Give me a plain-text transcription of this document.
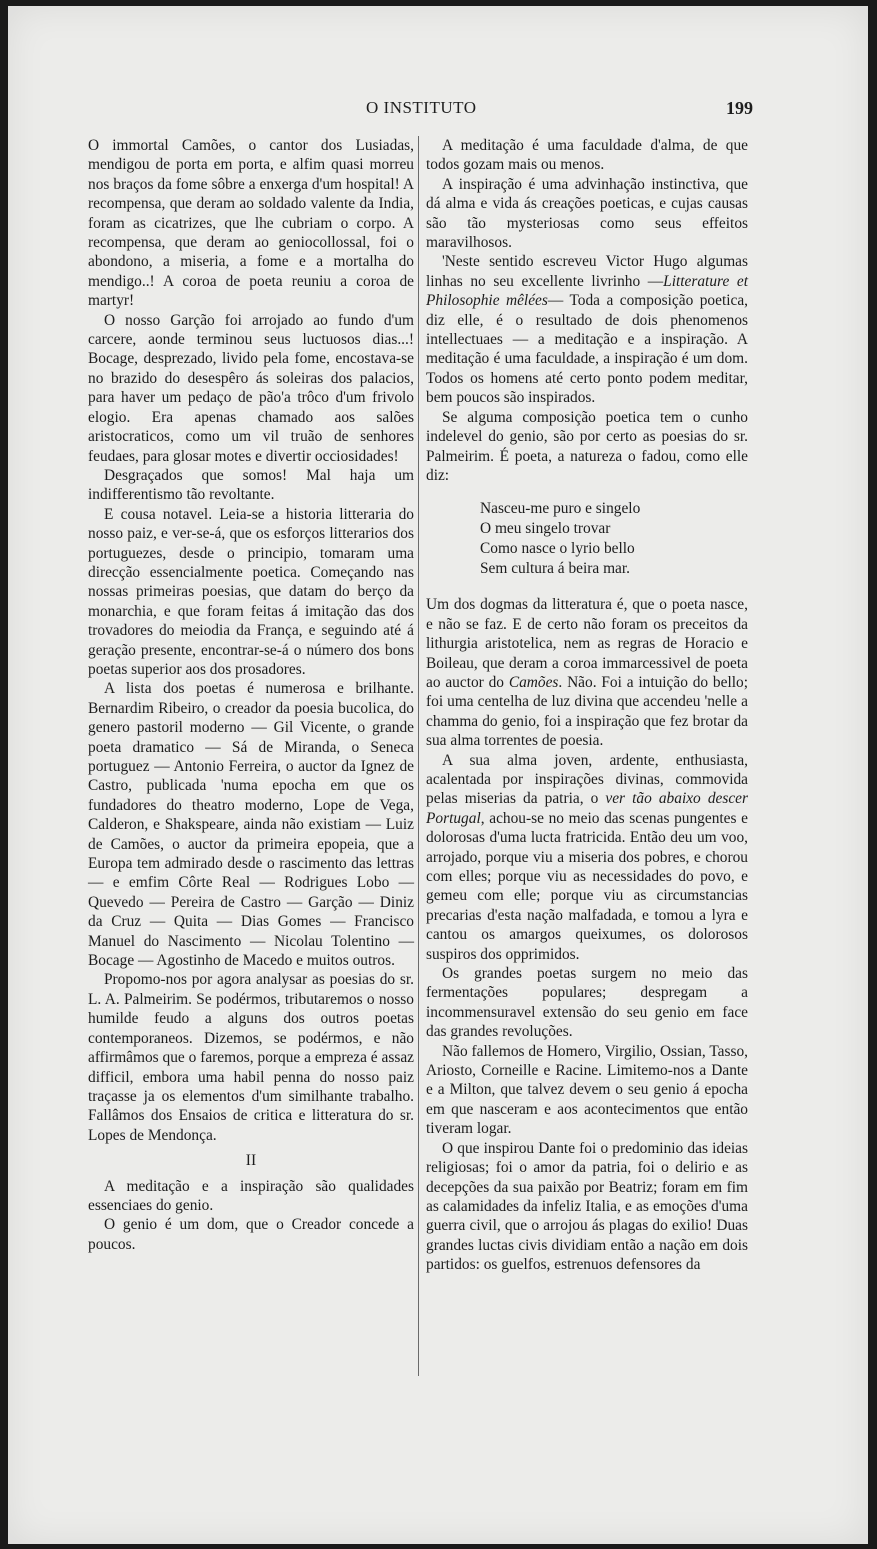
O INSTITUTO	199

O immortal Camões, o cantor dos Lusiadas, mendigou de porta em porta, e alfim quasi morreu nos braços da fome sôbre a enxerga d'um hospital! A recompensa, que deram ao soldado valente da India, foram as cicatrizes, que lhe cubriam o corpo. A recompensa, que deram ao geniocollossal, foi o abondono, a miseria, a fome e a mortalha do mendigo..! A coroa de poeta reuniu a coroa de martyr!

O nosso Garção foi arrojado ao fundo d'um carcere, aonde terminou seus luctuosos dias...! Bocage, desprezado, livido pela fome, encostava-se no brazido do desespêro ás soleiras dos palacios, para haver um pedaço de pão'a trôco d'um frivolo elogio. Era apenas chamado aos salões aristocraticos, como um vil truão de senhores feudaes, para glosar motes e divertir occiosidades!

Desgraçados que somos! Mal haja um indifferentismo tão revoltante.

E cousa notavel. Leia-se a historia litteraria do nosso paiz, e ver-se-á, que os esforços litterarios dos portuguezes, desde o principio, tomaram uma direcção essencialmente poetica. Começando nas nossas primeiras poesias, que datam do berço da monarchia, e que foram feitas á imitação das dos trovadores do meiodia da França, e seguindo até á geração presente, encontrar-se-á o número dos bons poetas superior aos dos prosadores.

A lista dos poetas é numerosa e brilhante. Bernardim Ribeiro, o creador da poesia bucolica, do genero pastoril moderno — Gil Vicente, o grande poeta dramatico — Sá de Miranda, o Seneca portuguez — Antonio Ferreira, o auctor da Ignez de Castro, publicada 'numa epocha em que os fundadores do theatro moderno, Lope de Vega, Calderon, e Shakspeare, ainda não existiam — Luiz de Camões, o auctor da primeira epopeia, que a Europa tem admirado desde o rascimento das lettras — e emfim Côrte Real — Rodrigues Lobo — Quevedo — Pereira de Castro — Garção — Diniz da Cruz — Quita — Dias Gomes — Francisco Manuel do Nascimento — Nicolau Tolentino — Bocage — Agostinho de Macedo e muitos outros.

Propomo-nos por agora analysar as poesias do sr. L. A. Palmeirim. Se podérmos, tributaremos o nosso humilde feudo a alguns dos outros poetas contemporaneos. Dizemos, se podérmos, e não affirmâmos que o faremos, porque a empreza é assaz difficil, embora uma habil penna do nosso paiz traçasse ja os elementos d'um similhante trabalho. Fallâmos dos Ensaios de critica e litteratura do sr. Lopes de Mendonça.

II

A meditação e a inspiração são qualidades essenciaes do genio.

O genio é um dom, que o Creador concede a poucos.

A meditação é uma faculdade d'alma, de que todos gozam mais ou menos.

A inspiração é uma advinhação instinctiva, que dá alma e vida ás creações poeticas, e cujas causas são tão mysteriosas como seus effeitos maravilhosos.

'Neste sentido escreveu Victor Hugo algumas linhas no seu excellente livrinho —Litterature et Philosophie mêlées— Toda a composição poetica, diz elle, é o resultado de dois phenomenos intellectuaes — a meditação e a inspiração. A meditação é uma faculdade, a inspiração é um dom. Todos os homens até certo ponto podem meditar, bem poucos são inspirados.

Se alguma composição poetica tem o cunho indelevel do genio, são por certo as poesias do sr. Palmeirim. É poeta, a natureza o fadou, como elle diz:

Nasceu-me puro e singelo
O meu singelo trovar
Como nasce o lyrio bello
Sem cultura á beira mar.

Um dos dogmas da litteratura é, que o poeta nasce, e não se faz. E de certo não foram os preceitos da lithurgia aristotelica, nem as regras de Horacio e Boileau, que deram a coroa immarcessivel de poeta ao auctor do Camões. Não. Foi a intuição do bello; foi uma centelha de luz divina que accendeu 'nelle a chamma do genio, foi a inspiração que fez brotar da sua alma torrentes de poesia.

A sua alma joven, ardente, enthusiasta, acalentada por inspirações divinas, commovida pelas miserias da patria, o ver tão abaixo descer Portugal, achou-se no meio das scenas pungentes e dolorosas d'uma lucta fratricida. Então deu um voo, arrojado, porque viu a miseria dos pobres, e chorou com elles; porque viu as necessidades do povo, e gemeu com elle; porque viu as circumstancias precarias d'esta nação malfadada, e tomou a lyra e cantou os amargos queixumes, os dolorosos suspiros dos opprimidos.

Os grandes poetas surgem no meio das fermentações populares; despregam a incommensuravel extensão do seu genio em face das grandes revoluções.

Não fallemos de Homero, Virgilio, Ossian, Tasso, Ariosto, Corneille e Racine. Limitemo-nos a Dante e a Milton, que talvez devem o seu genio á epocha em que nasceram e aos acontecimentos que então tiveram logar.

O que inspirou Dante foi o predominio das ideias religiosas; foi o amor da patria, foi o delirio e as decepções da sua paixão por Beatriz; foram em fim as calamidades da infeliz Italia, e as emoções d'uma guerra civil, que o arrojou ás plagas do exilio! Duas grandes luctas civis dividiam então a nação em dois partidos: os guelfos, estrenuos defensores da
